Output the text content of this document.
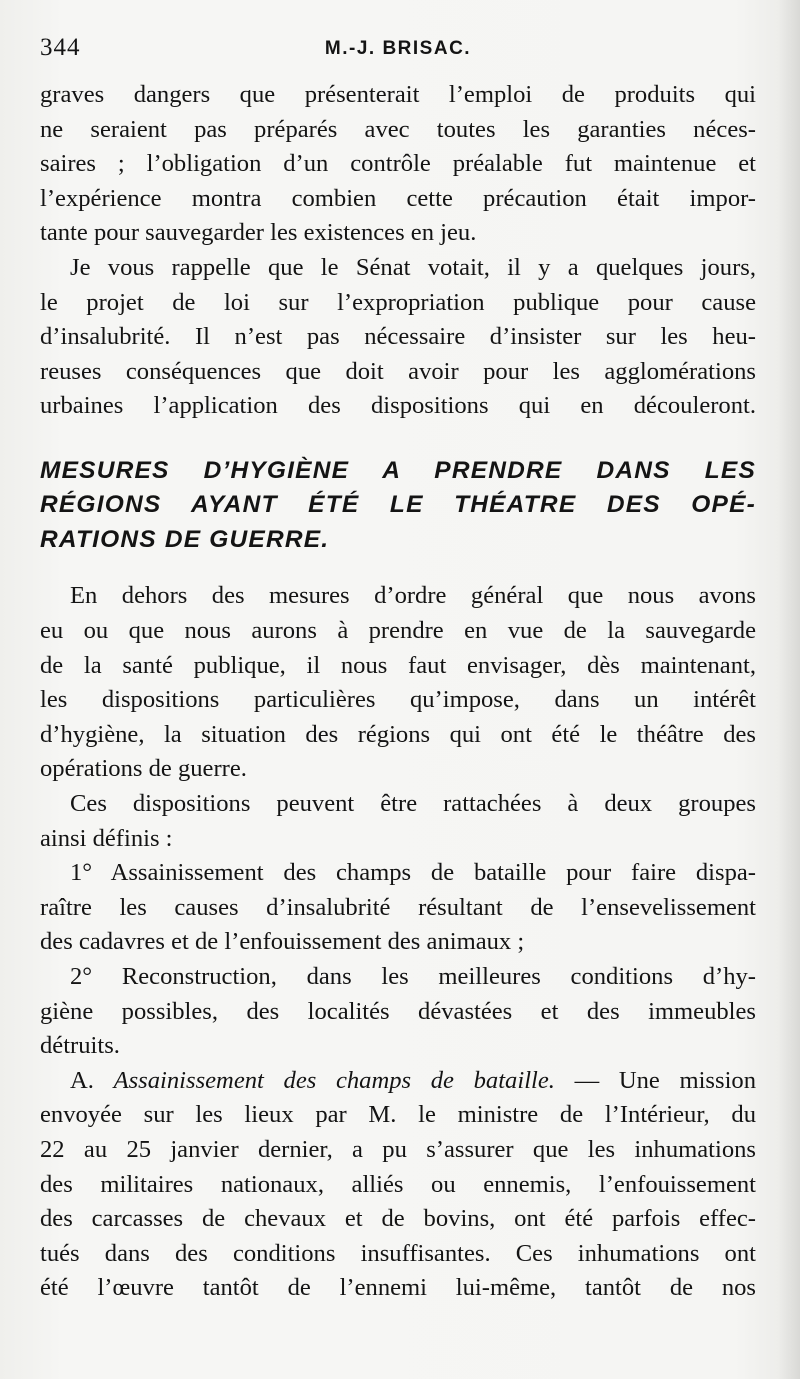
344	M.-J. BRISAC.

graves dangers que présenterait l’emploi de produits qui
ne seraient pas préparés avec toutes les garanties néces-
saires ; l’obligation d’un contrôle préalable fut maintenue et
l’expérience montra combien cette précaution était impor-
tante pour sauvegarder les existences en jeu.

Je vous rappelle que le Sénat votait, il y a quelques jours,
le projet de loi sur l’expropriation publique pour cause
d’insalubrité. Il n’est pas nécessaire d’insister sur les heu-
reuses conséquences que doit avoir pour les agglomérations
urbaines l’application des dispositions qui en découleront.

MESURES D’HYGIÈNE A PRENDRE DANS LES
RÉGIONS AYANT ÉTÉ LE THÉATRE DES OPÉ-
RATIONS DE GUERRE.

En dehors des mesures d’ordre général que nous avons
eu ou que nous aurons à prendre en vue de la sauvegarde
de la santé publique, il nous faut envisager, dès maintenant,
les dispositions particulières qu’impose, dans un intérêt
d’hygiène, la situation des régions qui ont été le théâtre des
opérations de guerre.

Ces dispositions peuvent être rattachées à deux groupes
ainsi définis :

1° Assainissement des champs de bataille pour faire dispa-
raître les causes d’insalubrité résultant de l’ensevelissement
des cadavres et de l’enfouissement des animaux ;

2° Reconstruction, dans les meilleures conditions d’hy-
giène possibles, des localités dévastées et des immeubles
détruits.

A. Assainissement des champs de bataille. — Une mission
envoyée sur les lieux par M. le ministre de l’Intérieur, du
22 au 25 janvier dernier, a pu s’assurer que les inhumations
des militaires nationaux, alliés ou ennemis, l’enfouissement
des carcasses de chevaux et de bovins, ont été parfois effec-
tués dans des conditions insuffisantes. Ces inhumations ont
été l’œuvre tantôt de l’ennemi lui-même, tantôt de nos
